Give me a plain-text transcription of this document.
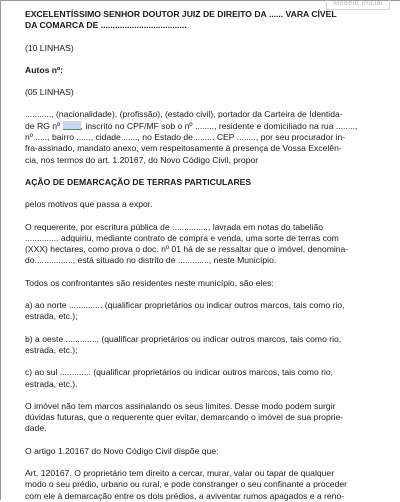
Modelo Inicial

EXCELENTÍSSIMO SENHOR DOUTOR JUIZ DE DIREITO DA ...... VARA CÍVEL

DA COMARCA DE ....................................

(10 LINHAS)

Autos nº:

(05 LINHAS)

..........., (nacionalidade), (profissão), (estado civil), portador da Carteira de Identida-

de RG nº , inscrito no CPF/MF sob o nº ........, residente e domiciliado na rua ........,

nº ....., bairro ......, cidade ......, no Estado de ........ CEP ........, por seu procurador in-

fra-assinado, mandato anexo, vem respeitosamente à presença de Vossa Excelên-

cia, nos termos do art. 1.20167, do Novo Código Civil, propor

AÇÃO DE DEMARCAÇÃO DE TERRAS PARTICULARES

pelos motivos que passa a expor.

O requerente, por escritura pública de ..............., lavrada em notas do tabelião

.............. adquiriu, mediante contrato de compra e venda, uma sorte de terras com

(XXX) hectares, como prova o doc. nº 01 há de se ressaltar que o imóvel, denomina-

do................, está situado no distrito de ............., neste Município.

Todos os confrontantes são residentes neste município, são eles:

a) ao norte .............. (qualificar proprietários ou indicar outros marcos, tais como rio,

estrada, etc.);

b) a oeste .............. (qualificar proprietários ou indicar outros marcos, tais como rio,

estrada, etc.);

c) ao sul ............. (qualificar proprietários ou indicar outros marcos, tais como rio,

estrada, etc.).

O imóvel não tem marcos assinalando os seus limites. Desse modo podem surgir

dúvidas futuras, que o requerente quer evitar, demarcando o imóvel de sua proprie-

dade.

O artigo 1.20167 do Novo Código Civil dispõe que:

Art. 120167. O proprietário tem direito a cercar, murar, valar ou tapar de qualquer

modo o seu prédio, urbano ou rural, e pode constranger o seu confinante a proceder

com ele à demarcação entre os dois prédios, a aviventar rumos apagados e a reno-
